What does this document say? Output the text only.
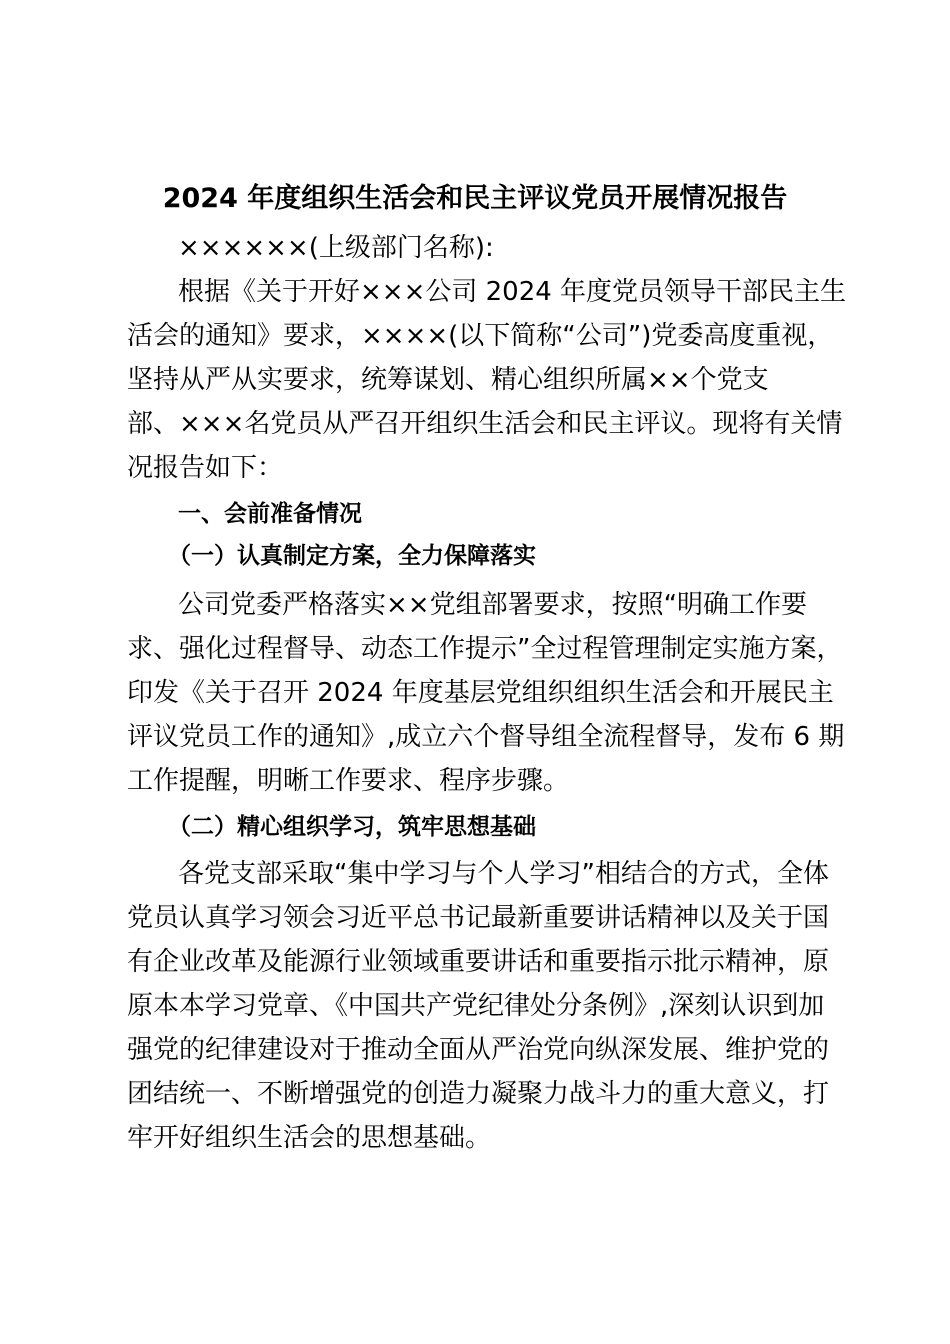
2024 年度组织生活会和民主评议党员开展情况报告

××××××(上级部门名称):

根据《关于开好×××公司 2024 年度党员领导干部民主生

活会的通知》要求，××××(以下简称“公司”)党委高度重视，

坚持从严从实要求，统筹谋划、精心组织所属××个党支

部、×××名党员从严召开组织生活会和民主评议。现将有关情

况报告如下：

一、会前准备情况
（一）认真制定方案，全力保障落实

公司党委严格落实××党组部署要求，按照“明确工作要

求、强化过程督导、动态工作提示”全过程管理制定实施方案，

印发《关于召开 2024 年度基层党组织组织生活会和开展民主

评议党员工作的通知》,成立六个督导组全流程督导，发布 6 期

工作提醒，明晰工作要求、程序步骤。

（二）精心组织学习，筑牢思想基础

各党支部采取“集中学习与个人学习”相结合的方式，全体

党员认真学习领会习近平总书记最新重要讲话精神以及关于国

有企业改革及能源行业领域重要讲话和重要指示批示精神，原

原本本学习党章、《中国共产党纪律处分条例》,深刻认识到加

强党的纪律建设对于推动全面从严治党向纵深发展、维护党的

团结统一、不断增强党的创造力凝聚力战斗力的重大意义，打

牢开好组织生活会的思想基础。
